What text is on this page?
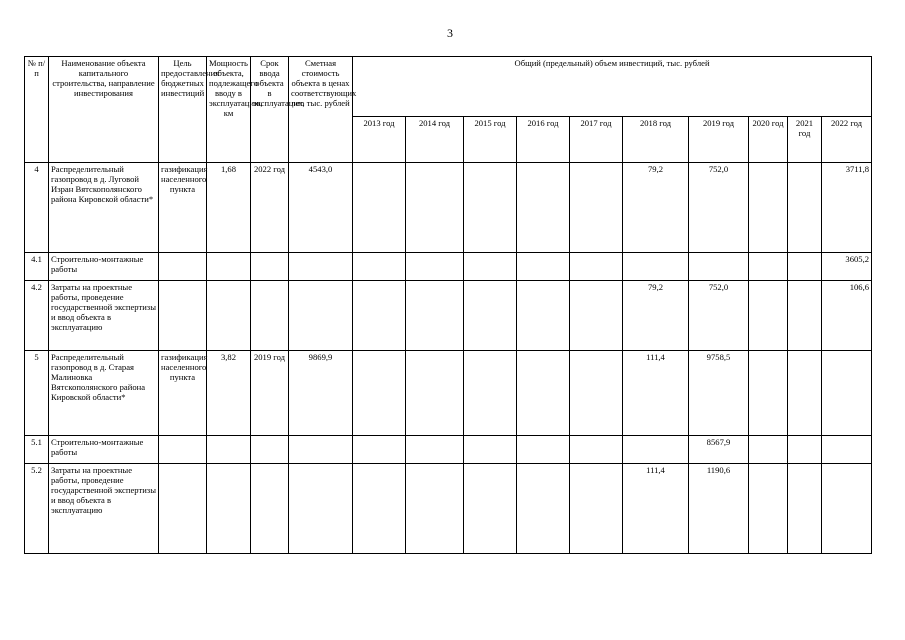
3
№ п/п	Наименование объекта капитального строительства, направление инвестирования	Цель предоставления бюджетных инвестиций	Мощность объекта, подлежащего вводу в эксплуатацию, км	Срок ввода объекта в эксплуатацию	Сметная стоимость объекта в ценах соответствующих лет, тыс. рублей	Общий (предельный) объем инвестиций, тыс. рублей									
						2013 год	2014 год	2015 год	2016 год	2017 год	2018 год	2019 год	2020 год	2021 год	2022 год
4	Распределительный газопровод в д. Луговой Изран Вятскополянского района Кировской области*	газификация населенного пункта	1,68	2022 год	4543,0						79,2	752,0			3711,8
4.1	Строительно-монтажные работы														3605,2
4.2	Затраты на проектные работы, проведение государственной экспертизы и ввод объекта в эксплуатацию										79,2	752,0			106,6
5	Распределительный газопровод в д. Старая Малиновка Вятскополянского района Кировской области*	газификация населенного пункта	3,82	2019 год	9869,9						111,4	9758,5			
5.1	Строительно-монтажные работы											8567,9			
5.2	Затраты на проектные работы, проведение государственной экспертизы и ввод объекта в эксплуатацию										111,4	1190,6			
